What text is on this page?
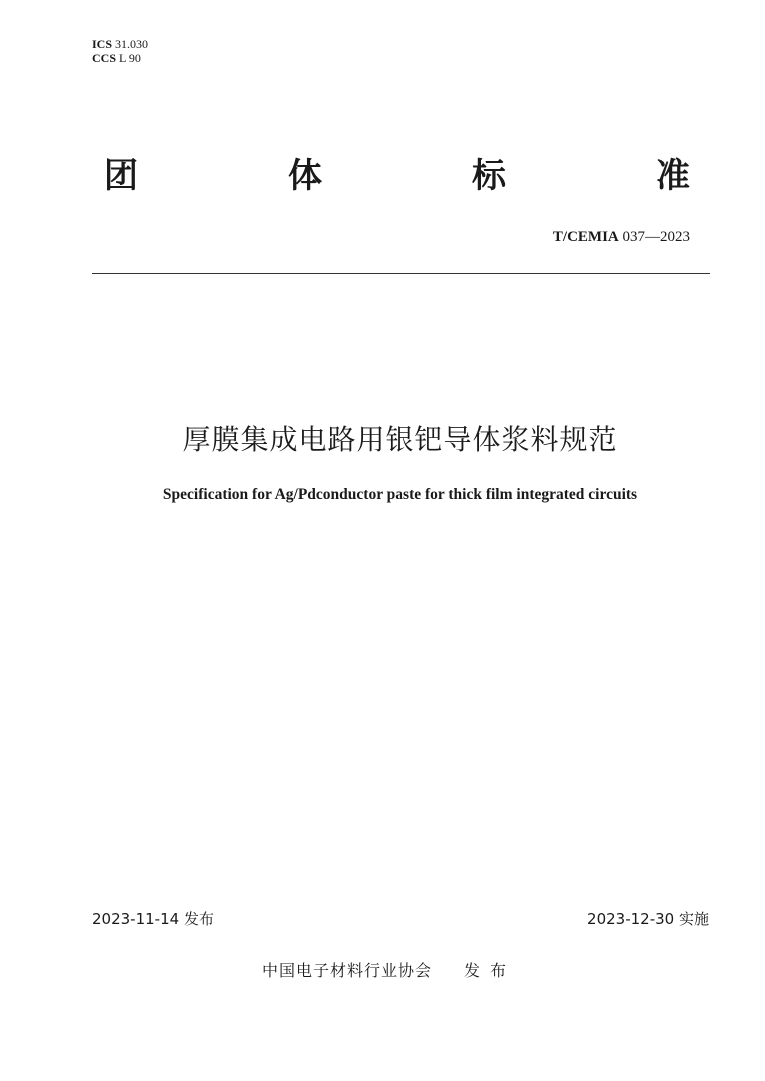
ICS 31.030
CCS L 90
团	体	标	准
T/CEMIA 037—2023
厚膜集成电路用银钯导体浆料规范
Specification for Ag/Pdconductor paste for thick film integrated circuits
2023-11-14 发布	2023-12-30 实施
中国电子材料行业协会 发布
